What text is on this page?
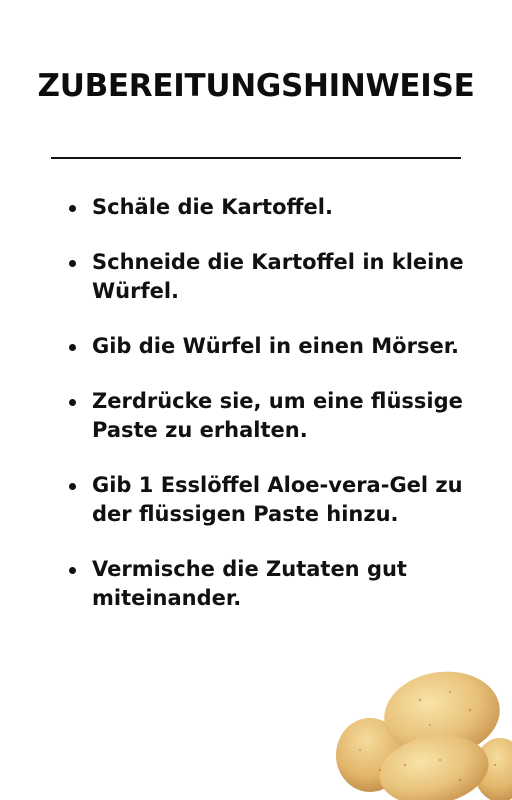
ZUBEREITUNGSHINWEISE
Schäle die Kartoffel.
Schneide die Kartoffel in kleine Würfel.
Gib die Würfel in einen Mörser.
Zerdrücke sie, um eine flüssige Paste zu erhalten.
Gib 1 Esslöffel Aloe-vera-Gel zu der flüssigen Paste hinzu.
Vermische die Zutaten gut miteinander.
